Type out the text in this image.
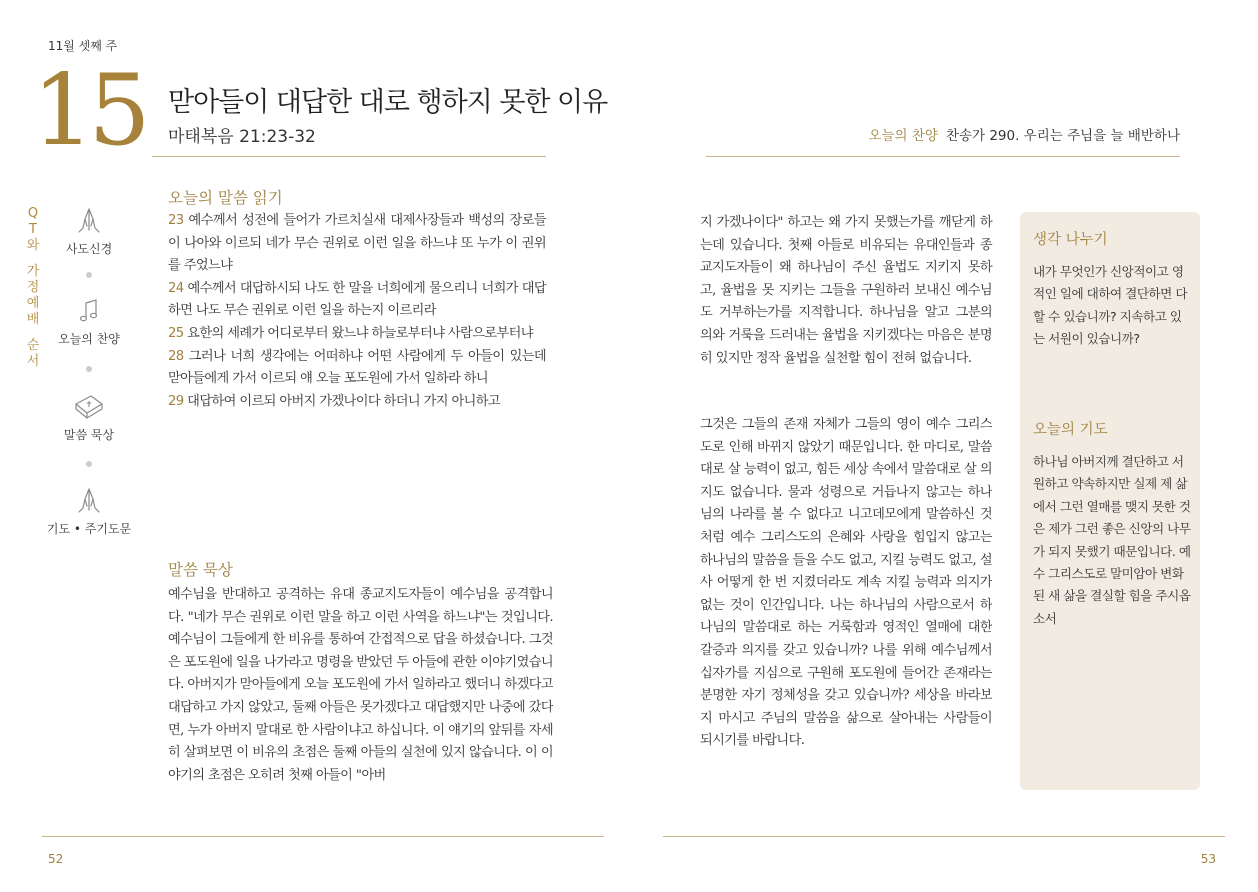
11월 셋째 주
15 맏아들이 대답한 대로 행하지 못한 이유
마태복음 21:23-32	오늘의 찬양 찬송가 290. 우리는 주님을 늘 배반하나
Q
T
와
가
정
예
배
순
서
사도신경
오늘의 찬양
말씀 묵상
기도 • 주기도문
오늘의 말씀 읽기

23 예수께서 성전에 들어가 가르치실새 대제사장들과 백성의 장로들이 나아와 이르되 네가 무슨 권위로 이런 일을 하느냐 또 누가 이 권위를 주었느냐

24 예수께서 대답하시되 나도 한 말을 너희에게 물으리니 너희가 대답하면 나도 무슨 권위로 이런 일을 하는지 이르리라

25 요한의 세례가 어디로부터 왔느냐 하늘로부터냐 사람으로부터냐

28 그러나 너희 생각에는 어떠하냐 어떤 사람에게 두 아들이 있는데 맏아들에게 가서 이르되 얘 오늘 포도원에 가서 일하라 하니

29 대답하여 이르되 아버지 가겠나이다 하더니 가지 아니하고

말씀 묵상

예수님을 반대하고 공격하는 유대 종교지도자들이 예수님을 공격합니다. "네가 무슨 권위로 이런 말을 하고 이런 사역을 하느냐"는 것입니다. 예수님이 그들에게 한 비유를 통하여 간접적으로 답을 하셨습니다. 그것은 포도원에 일을 나가라고 명령을 받았던 두 아들에 관한 이야기였습니다. 아버지가 맏아들에게 오늘 포도원에 가서 일하라고 했더니 하겠다고 대답하고 가지 않았고, 둘째 아들은 못가겠다고 대답했지만 나중에 갔다면, 누가 아버지 말대로 한 사람이냐고 하십니다. 이 얘기의 앞뒤를 자세히 살펴보면 이 비유의 초점은 둘째 아들의 실천에 있지 않습니다. 이 이야기의 초점은 오히려 첫째 아들이 "아버

지 가겠나이다" 하고는 왜 가지 못했는가를 깨닫게 하는데 있습니다. 첫째 아들로 비유되는 유대인들과 종교지도자들이 왜 하나님이 주신 율법도 지키지 못하고, 율법을 못 지키는 그들을 구원하러 보내신 예수님도 거부하는가를 지적합니다. 하나님을 알고 그분의 의와 거룩을 드러내는 율법을 지키겠다는 마음은 분명히 있지만 정작 율법을 실천할 힘이 전혀 없습니다.

그것은 그들의 존재 자체가 그들의 영이 예수 그리스도로 인해 바뀌지 않았기 때문입니다. 한 마디로, 말씀대로 살 능력이 없고, 힘든 세상 속에서 말씀대로 살 의지도 없습니다. 물과 성령으로 거듭나지 않고는 하나님의 나라를 볼 수 없다고 니고데모에게 말씀하신 것처럼 예수 그리스도의 은혜와 사랑을 힘입지 않고는 하나님의 말씀을 들을 수도 없고, 지킬 능력도 없고, 설사 어떻게 한 번 지켰더라도 계속 지킬 능력과 의지가 없는 것이 인간입니다. 나는 하나님의 사람으로서 하나님의 말씀대로 하는 거룩함과 영적인 열매에 대한 갈증과 의지를 갖고 있습니까? 나를 위해 예수님께서 십자가를 지심으로 구원해 포도원에 들어간 존재라는 분명한 자기 정체성을 갖고 있습니까? 세상을 바라보지 마시고 주님의 말씀을 삶으로 살아내는 사람들이 되시기를 바랍니다.

생각 나누기
내가 무엇인가 신앙적이고 영적인 일에 대하여 결단하면 다 할 수 있습니까? 지속하고 있는 서원이 있습니까?
오늘의 기도
하나님 아버지께 결단하고 서원하고 약속하지만 실제 제 삶에서 그런 열매를 맺지 못한 것은 제가 그런 좋은 신앙의 나무가 되지 못했기 때문입니다. 예수 그리스도로 말미암아 변화된 새 삶을 결실할 힘을 주시옵소서
52	53
